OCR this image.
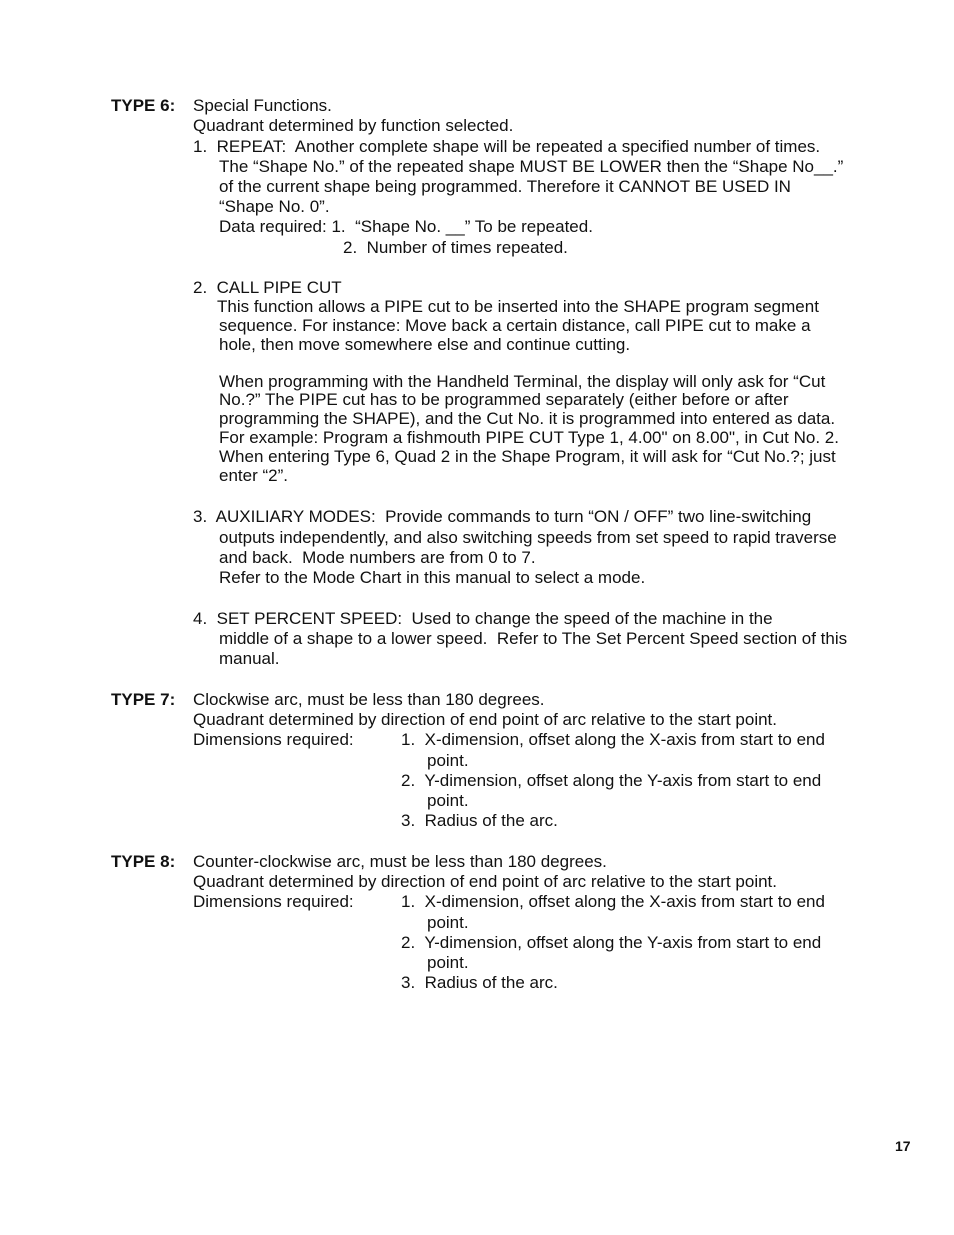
TYPE 6: Special Functions.
Quadrant determined by function selected.
1.  REPEAT:  Another complete shape will be repeated a specified number of times.
The “Shape No.” of the repeated shape MUST BE LOWER then the “Shape No__.”
of the current shape being programmed. Therefore it CANNOT BE USED IN
“Shape No. 0”.
Data required: 1.  “Shape No. __” To be repeated.
2.  Number of times repeated.
2.  CALL PIPE CUT
This function allows a PIPE cut to be inserted into the SHAPE program segment
sequence. For instance: Move back a certain distance, call PIPE cut to make a
hole, then move somewhere else and continue cutting.
When programming with the Handheld Terminal, the display will only ask for “Cut
No.?” The PIPE cut has to be programmed separately (either before or after
programming the SHAPE), and the Cut No. it is programmed into entered as data.
For example: Program a fishmouth PIPE CUT Type 1, 4.00" on 8.00", in Cut No. 2.
When entering Type 6, Quad 2 in the Shape Program, it will ask for “Cut No.?; just
enter “2”.
3.  AUXILIARY MODES:  Provide commands to turn “ON / OFF” two line-switching
outputs independently, and also switching speeds from set speed to rapid traverse
and back.  Mode numbers are from 0 to 7.
Refer to the Mode Chart in this manual to select a mode.
4.  SET PERCENT SPEED:  Used to change the speed of the machine in the
middle of a shape to a lower speed.  Refer to The Set Percent Speed section of this
manual.
TYPE 7: Clockwise arc, must be less than 180 degrees.
Quadrant determined by direction of end point of arc relative to the start point.
Dimensions required:	1.  X-dimension, offset along the X-axis from start to end
point.
2.  Y-dimension, offset along the Y-axis from start to end
point.
3.  Radius of the arc.
TYPE 8: Counter-clockwise arc, must be less than 180 degrees.
Quadrant determined by direction of end point of arc relative to the start point.
Dimensions required:	1.  X-dimension, offset along the X-axis from start to end
point.
2.  Y-dimension, offset along the Y-axis from start to end
point.
3.  Radius of the arc.
17
